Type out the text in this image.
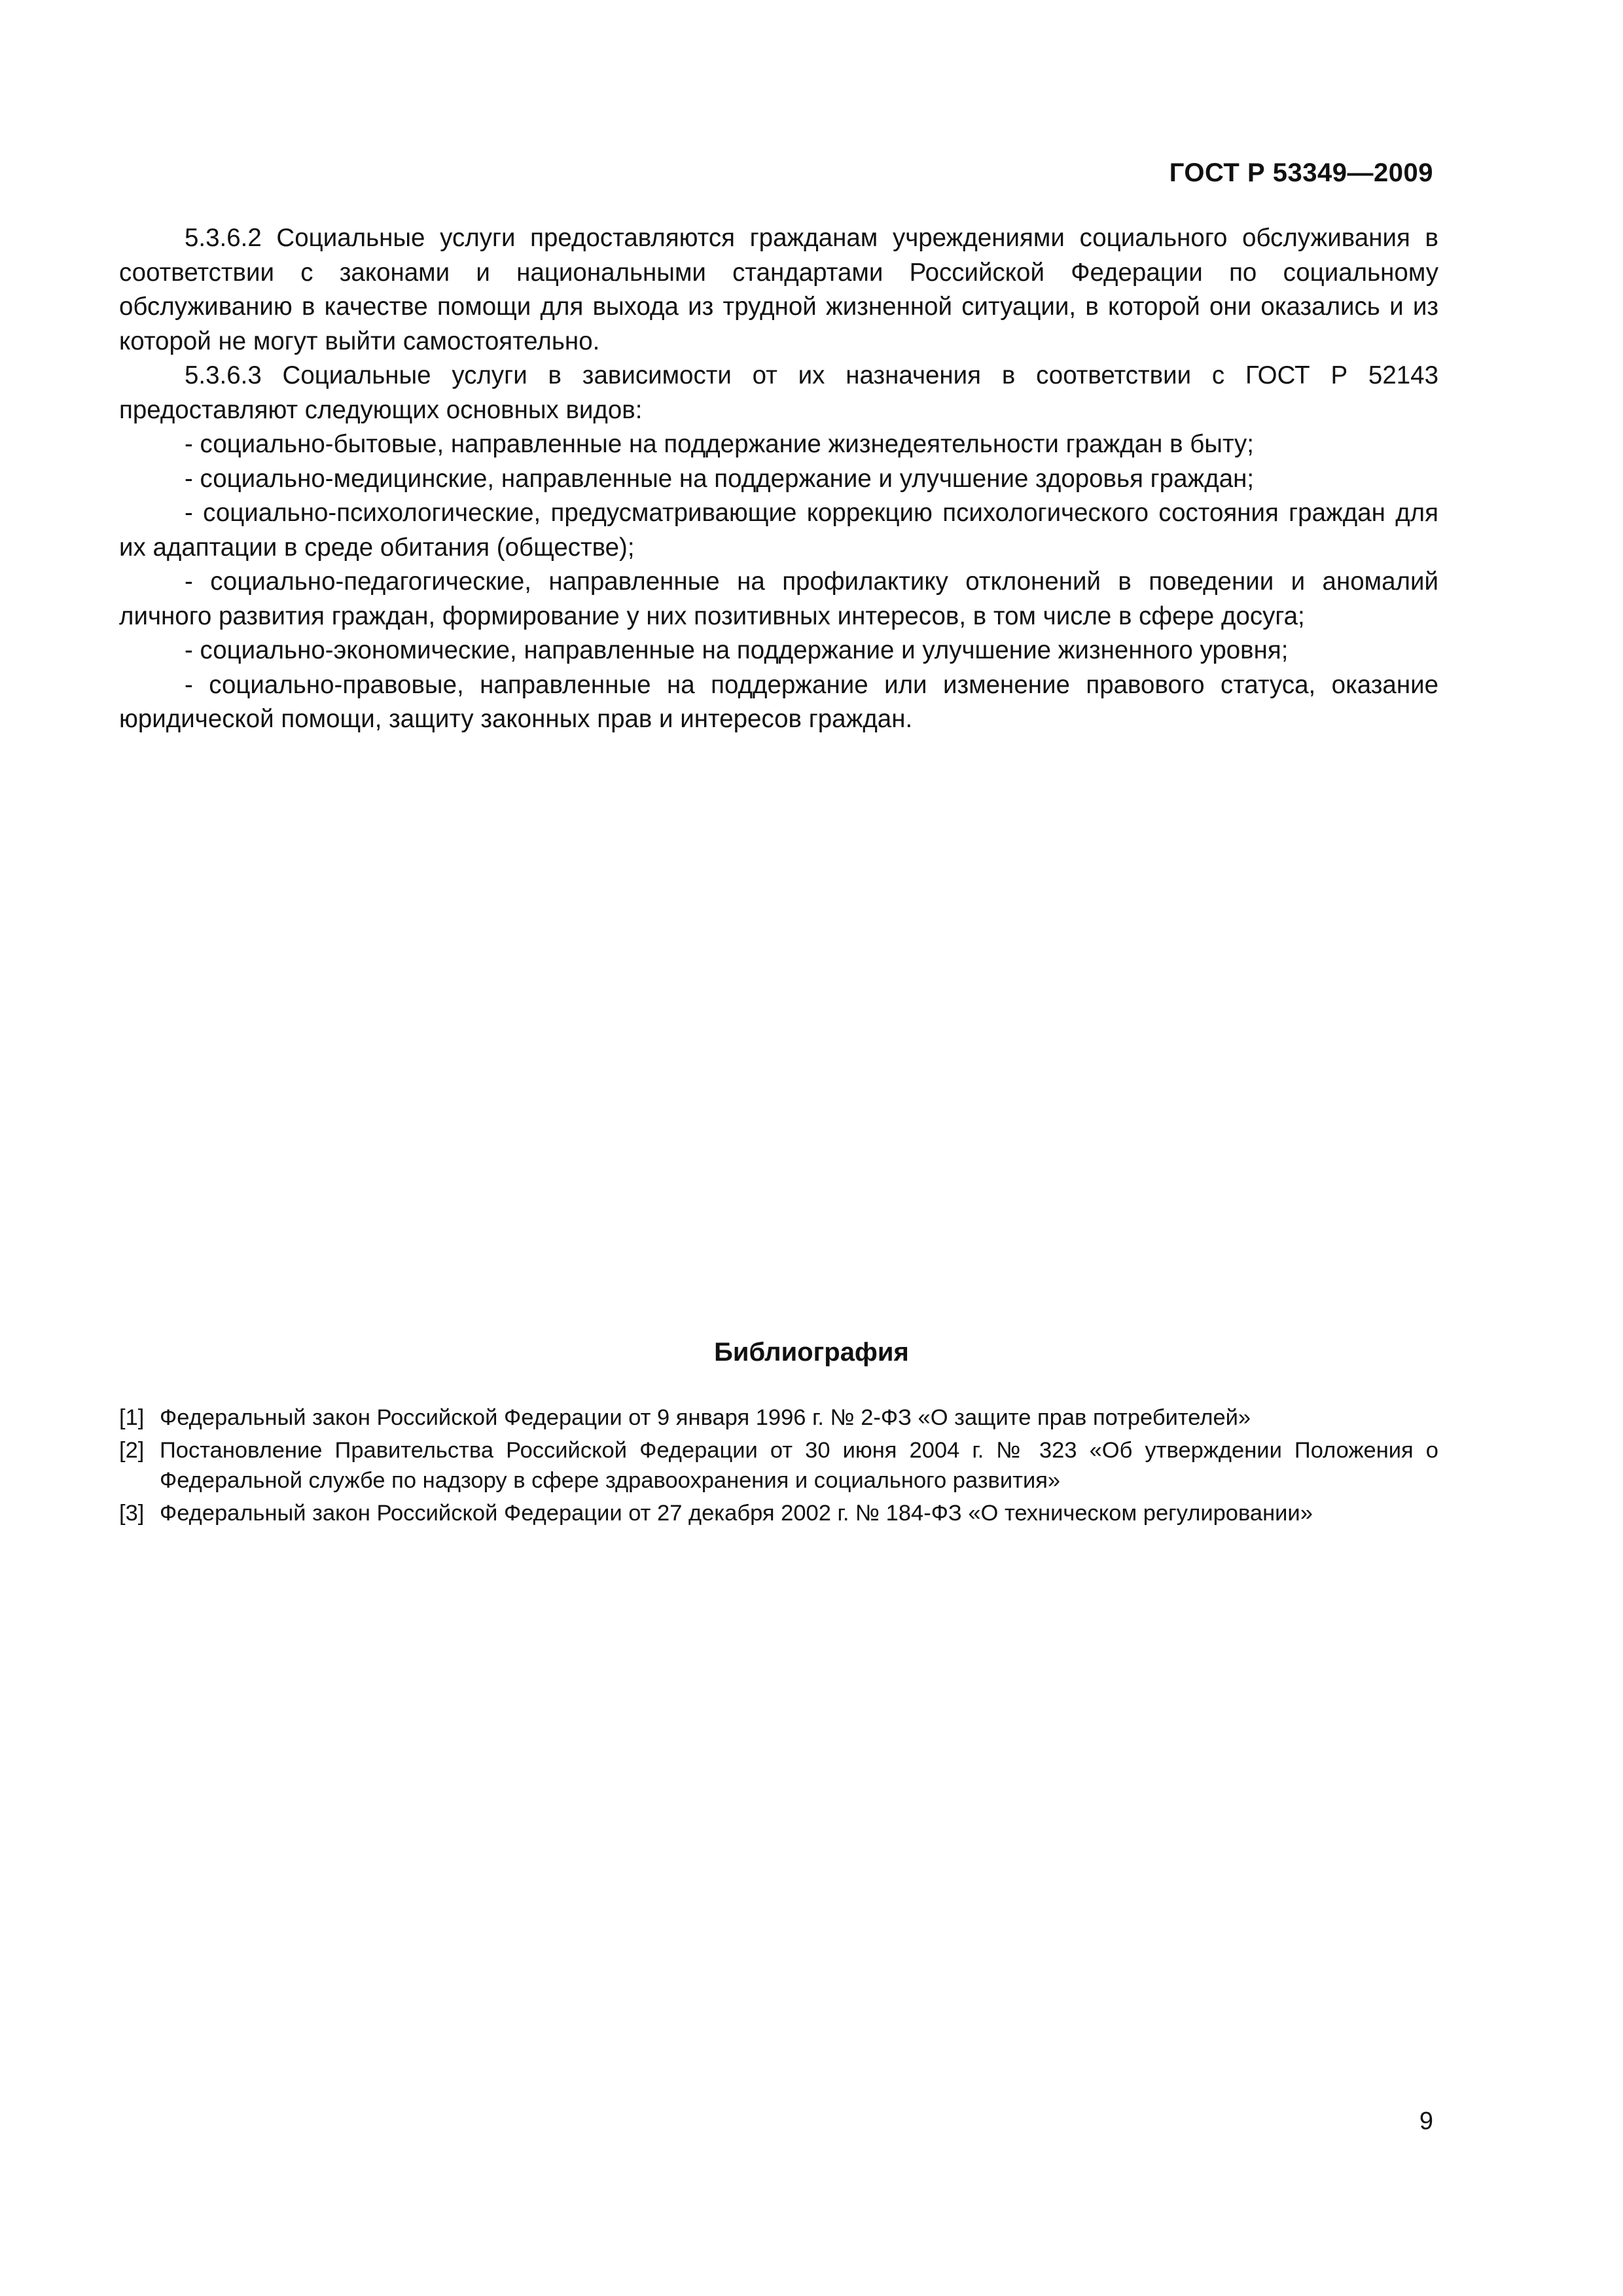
ГОСТ Р 53349—2009

5.3.6.2 Социальные услуги предоставляются гражданам учреждениями социального обслуживания в соответствии с законами и национальными стандартами Российской Федерации по социальному обслуживанию в качестве помощи для выхода из трудной жизненной ситуации, в которой они оказались и из которой не могут выйти самостоятельно.

5.3.6.3 Социальные услуги в зависимости от их назначения в соответствии с ГОСТ Р 52143 предоставляют следующих основных видов:

- социально-бытовые, направленные на поддержание жизнедеятельности граждан в быту;

- социально-медицинские, направленные на поддержание и улучшение здоровья граждан;

- социально-психологические, предусматривающие коррекцию психологического состояния граждан для их адаптации в среде обитания (обществе);

- социально-педагогические, направленные на профилактику отклонений в поведении и аномалий личного развития граждан, формирование у них позитивных интересов, в том числе в сфере досуга;

- социально-экономические, направленные на поддержание и улучшение жизненного уровня;

- социально-правовые, направленные на поддержание или изменение правового статуса, оказание юридической помощи, защиту законных прав и интересов граждан.

Библиография
[1] Федеральный закон Российской Федерации от 9 января 1996 г. № 2-ФЗ «О защите прав потребителей»
[2] Постановление Правительства Российской Федерации от 30 июня 2004 г. № 323 «Об утверждении Положения о Федеральной службе по надзору в сфере здравоохранения и социального развития»
[3] Федеральный закон Российской Федерации от 27 декабря 2002 г. № 184-ФЗ «О техническом регулировании»
9
